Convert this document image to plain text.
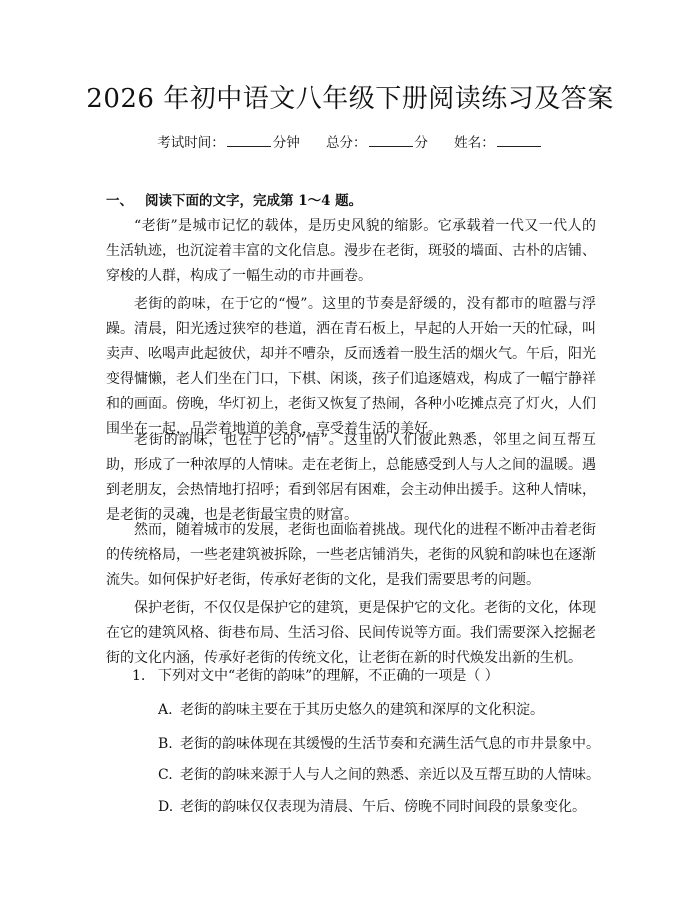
2026 年初中语文八年级下册阅读练习及答案
考试时间：	分钟 总分：	分 姓名：
一、 阅读下面的文字，完成第 1～4 题。

“老街”是城市记忆的载体，是历史风貌的缩影。它承载着一代又一代人的生活轨迹，也沉淀着丰富的文化信息。漫步在老街，斑驳的墙面、古朴的店铺、穿梭的人群，构成了一幅生动的市井画卷。

老街的韵味，在于它的“慢”。这里的节奏是舒缓的，没有都市的喧嚣与浮躁。清晨，阳光透过狭窄的巷道，洒在青石板上，早起的人开始一天的忙碌，叫卖声、吆喝声此起彼伏，却并不嘈杂，反而透着一股生活的烟火气。午后，阳光变得慵懒，老人们坐在门口，下棋、闲谈，孩子们追逐嬉戏，构成了一幅宁静祥和的画面。傍晚，华灯初上，老街又恢复了热闹，各种小吃摊点亮了灯火，人们围坐在一起，品尝着地道的美食，享受着生活的美好。

老街的韵味，也在于它的“情”。这里的人们彼此熟悉，邻里之间互帮互助，形成了一种浓厚的人情味。走在老街上，总能感受到人与人之间的温暖。遇到老朋友，会热情地打招呼；看到邻居有困难，会主动伸出援手。这种人情味，是老街的灵魂，也是老街最宝贵的财富。

然而，随着城市的发展，老街也面临着挑战。现代化的进程不断冲击着老街的传统格局，一些老建筑被拆除，一些老店铺消失，老街的风貌和韵味也在逐渐流失。如何保护好老街，传承好老街的文化，是我们需要思考的问题。

保护老街，不仅仅是保护它的建筑，更是保护它的文化。老街的文化，体现在它的建筑风格、街巷布局、生活习俗、民间传说等方面。我们需要深入挖掘老街的文化内涵，传承好老街的传统文化，让老街在新的时代焕发出新的生机。

1. 下列对文中“老街的韵味”的理解，不正确的一项是（ ）
A. 老街的韵味主要在于其历史悠久的建筑和深厚的文化积淀。
B. 老街的韵味体现在其缓慢的生活节奏和充满生活气息的市井景象中。
C. 老街的韵味来源于人与人之间的熟悉、亲近以及互帮互助的人情味。
D. 老街的韵味仅仅表现为清晨、午后、傍晚不同时间段的景象变化。
